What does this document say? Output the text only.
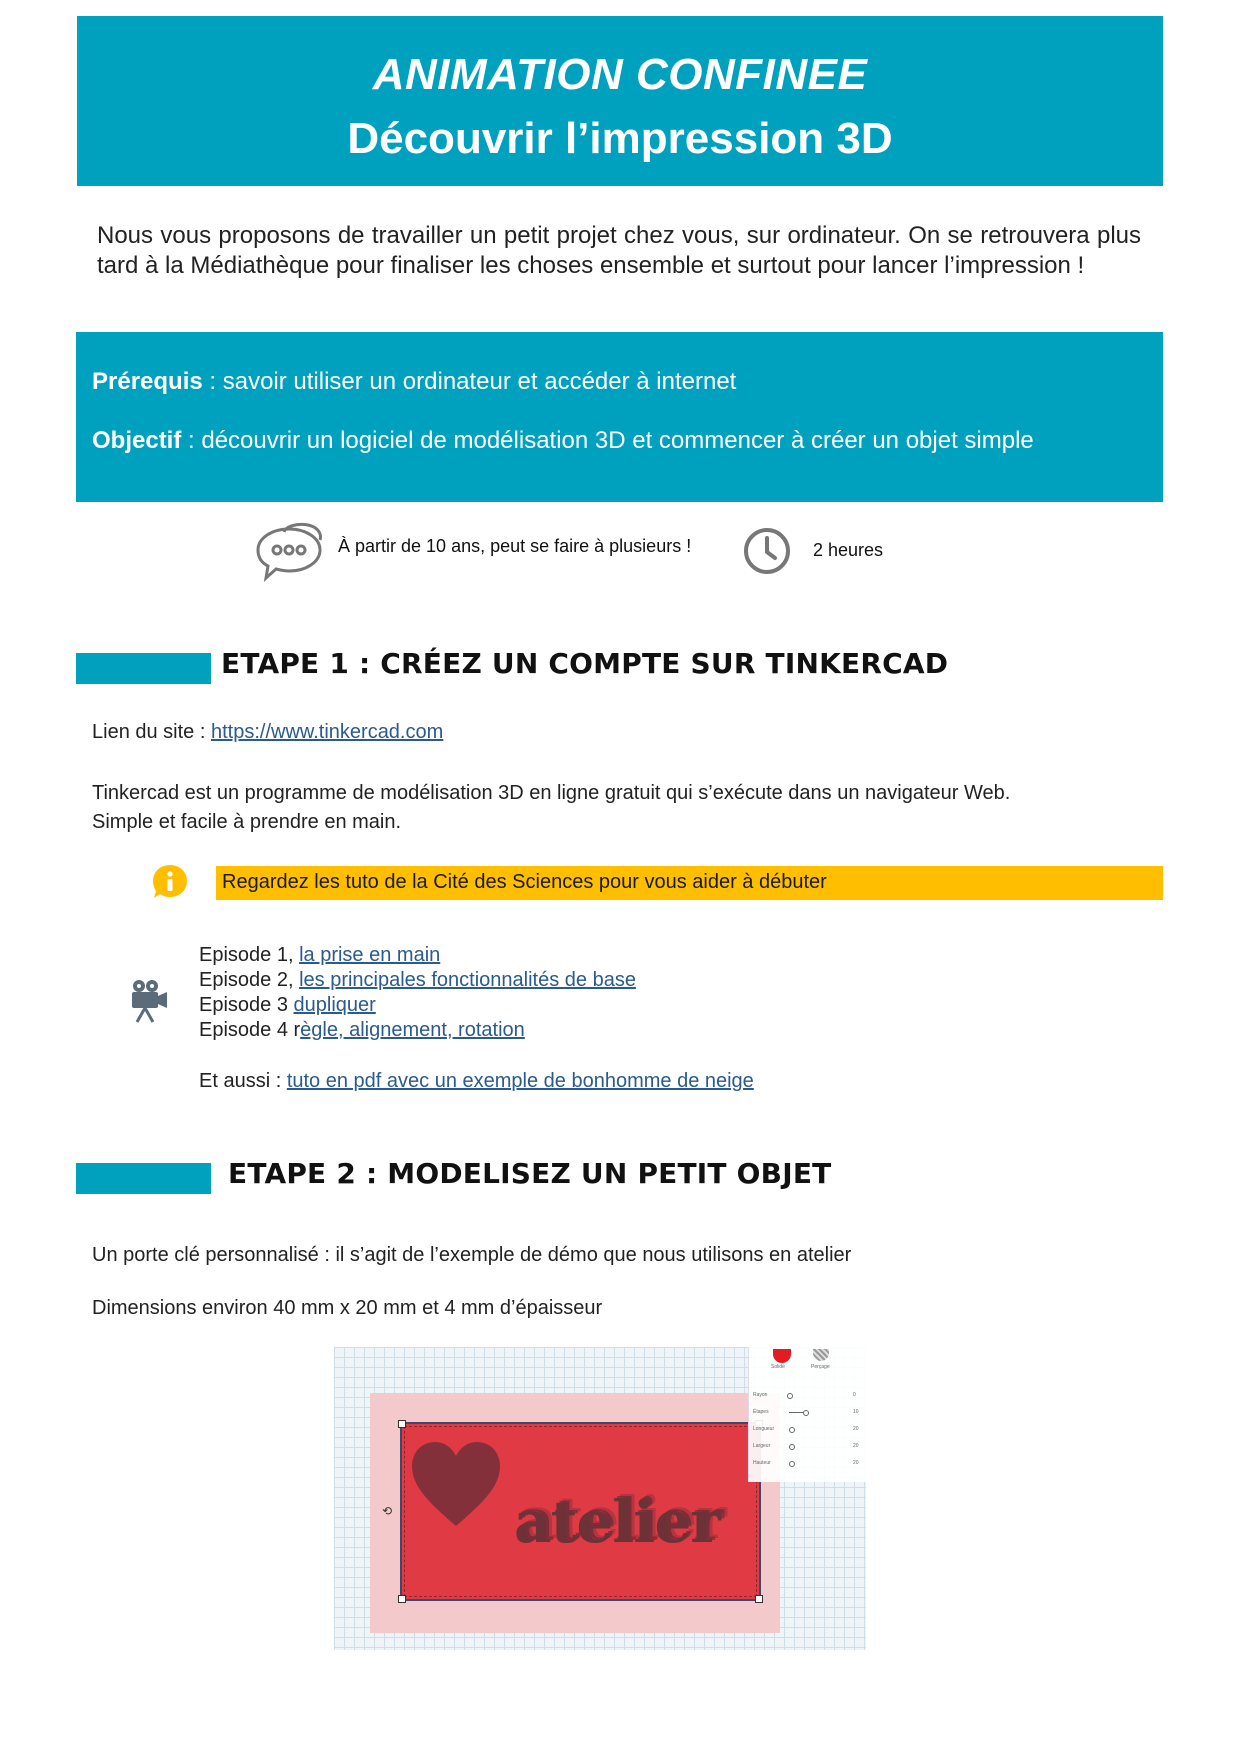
ANIMATION CONFINEE
Découvrir l’impression 3D
Nous vous proposons de travailler un petit projet chez vous, sur ordinateur. On se retrouvera plus tard à la Médiathèque pour finaliser les choses ensemble et surtout pour lancer l’impression !
Prérequis : savoir utiliser un ordinateur et accéder à internet
Objectif : découvrir un logiciel de modélisation 3D et commencer à créer un objet simple
À partir de 10 ans, peut se faire à plusieurs !	2 heures
ETAPE 1 : CRÉEZ UN COMPTE SUR TINKERCAD
Lien du site : https://www.tinkercad.com
Tinkercad est un programme de modélisation 3D en ligne gratuit qui s’exécute dans un navigateur Web.
Simple et facile à prendre en main.
Regardez les tuto de la Cité des Sciences pour vous aider à débuter
Episode 1, la prise en main
Episode 2, les principales fonctionnalités de base
Episode 3 dupliquer
Episode 4 règle, alignement, rotation
Et aussi : tuto en pdf avec un exemple de bonhomme de neige
ETAPE 2 : MODELISEZ UN PETIT OBJET
Un porte clé personnalisé : il s’agit de l’exemple de démo que nous utilisons en atelier
Dimensions environ 40 mm x 20 mm et 4 mm d’épaisseur
atelier
⟲
Solide	Perçage
Rayon	0
Étapes	10
Longueur	20
Largeur	20
Hauteur	20
